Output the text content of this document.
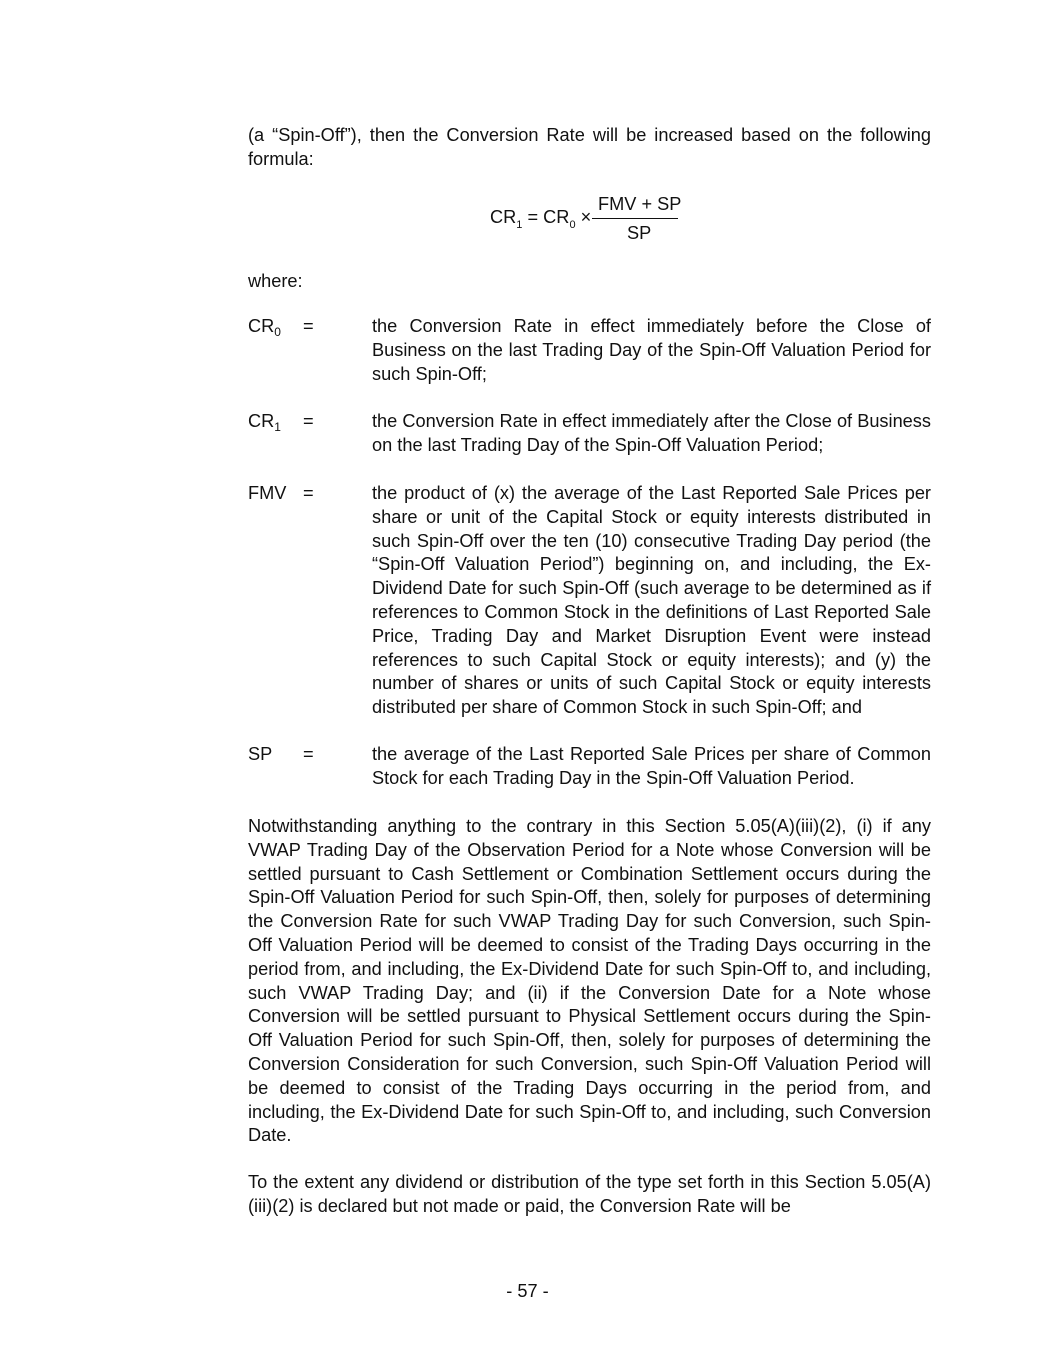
(a “Spin-Off”), then the Conversion Rate will be increased based on the following formula:

$CR_1 = CR_0$ ×
FMV + SP
SP

where:

$CR_0$	=	the Conversion Rate in effect immediately before the Close of Business on the last Trading Day of the Spin-Off Valuation Period for such Spin-Off;
$CR_1$	=	the Conversion Rate in effect immediately after the Close of Business on the last Trading Day of the Spin-Off Valuation Period;
FMV =	the product of (x) the average of the Last Reported Sale Prices per share or unit of the Capital Stock or equity interests distributed in such Spin-Off over the ten (10) consecutive Trading Day period (the “Spin-Off Valuation Period”) beginning on, and including, the Ex-Dividend Date for such Spin-Off (such average to be determined as if references to Common Stock in the definitions of Last Reported Sale Price, Trading Day and Market Disruption Event were instead references to such Capital Stock or equity interests); and (y) the number of shares or units of such Capital Stock or equity interests distributed per share of Common Stock in such Spin-Off; and
SP	=	the average of the Last Reported Sale Prices per share of Common Stock for each Trading Day in the Spin-Off Valuation Period.

Notwithstanding anything to the contrary in this Section 5.05(A)(iii)(2), (i) if any VWAP Trading Day of the Observation Period for a Note whose Conversion will be settled pursuant to Cash Settlement or Combination Settlement occurs during the Spin-Off Valuation Period for such Spin-Off, then, solely for purposes of determining the Conversion Rate for such VWAP Trading Day for such Conversion, such Spin-Off Valuation Period will be deemed to consist of the Trading Days occurring in the period from, and including, the Ex-Dividend Date for such Spin-Off to, and including, such VWAP Trading Day; and (ii) if the Conversion Date for a Note whose Conversion will be settled pursuant to Physical Settlement occurs during the Spin-Off Valuation Period for such Spin-Off, then, solely for purposes of determining the Conversion Consideration for such Conversion, such Spin-Off Valuation Period will be deemed to consist of the Trading Days occurring in the period from, and including, the Ex-Dividend Date for such Spin-Off to, and including, such Conversion Date.

To the extent any dividend or distribution of the type set forth in this Section 5.05(A)(iii)(2) is declared but not made or paid, the Conversion Rate will be

- 57 -
